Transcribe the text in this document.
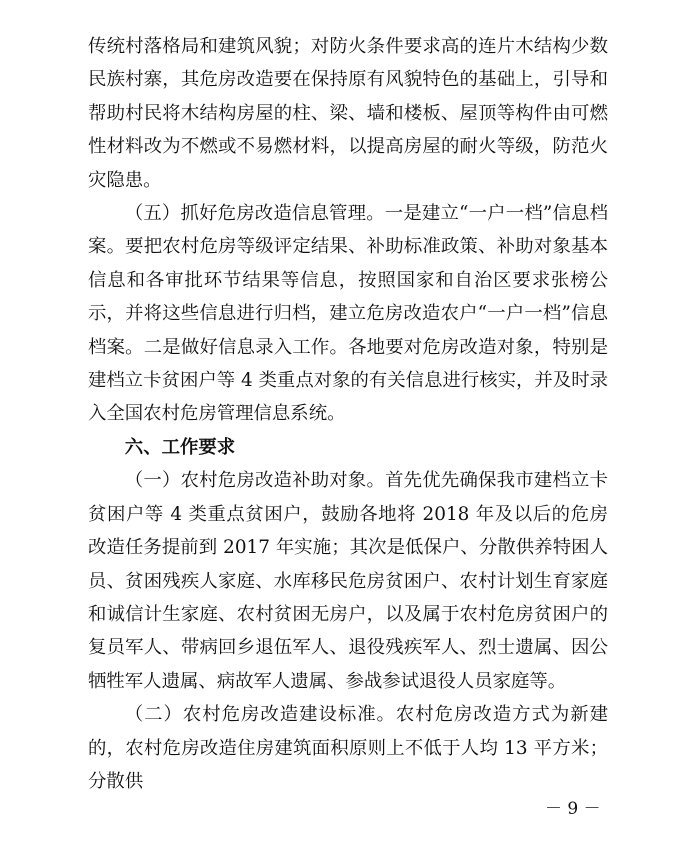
传统村落格局和建筑风貌；对防火条件要求高的连片木结构少数民族村寨，其危房改造要在保持原有风貌特色的基础上，引导和帮助村民将木结构房屋的柱、梁、墙和楼板、屋顶等构件由可燃性材料改为不燃或不易燃材料，以提高房屋的耐火等级，防范火灾隐患。

（五）抓好危房改造信息管理。一是建立“一户一档”信息档案。要把农村危房等级评定结果、补助标准政策、补助对象基本信息和各审批环节结果等信息，按照国家和自治区要求张榜公示，并将这些信息进行归档，建立危房改造农户“一户一档”信息档案。二是做好信息录入工作。各地要对危房改造对象，特别是建档立卡贫困户等 4 类重点对象的有关信息进行核实，并及时录入全国农村危房管理信息系统。

六、工作要求

（一）农村危房改造补助对象。首先优先确保我市建档立卡贫困户等 4 类重点贫困户，鼓励各地将 2018 年及以后的危房改造任务提前到 2017 年实施；其次是低保户、分散供养特困人员、贫困残疾人家庭、水库移民危房贫困户、农村计划生育家庭和诚信计生家庭、农村贫困无房户，以及属于农村危房贫困户的复员军人、带病回乡退伍军人、退役残疾军人、烈士遗属、因公牺牲军人遗属、病故军人遗属、参战参试退役人员家庭等。

（二）农村危房改造建设标准。农村危房改造方式为新建的，农村危房改造住房建筑面积原则上不低于人均 13 平方米；分散供

－ 9 －
